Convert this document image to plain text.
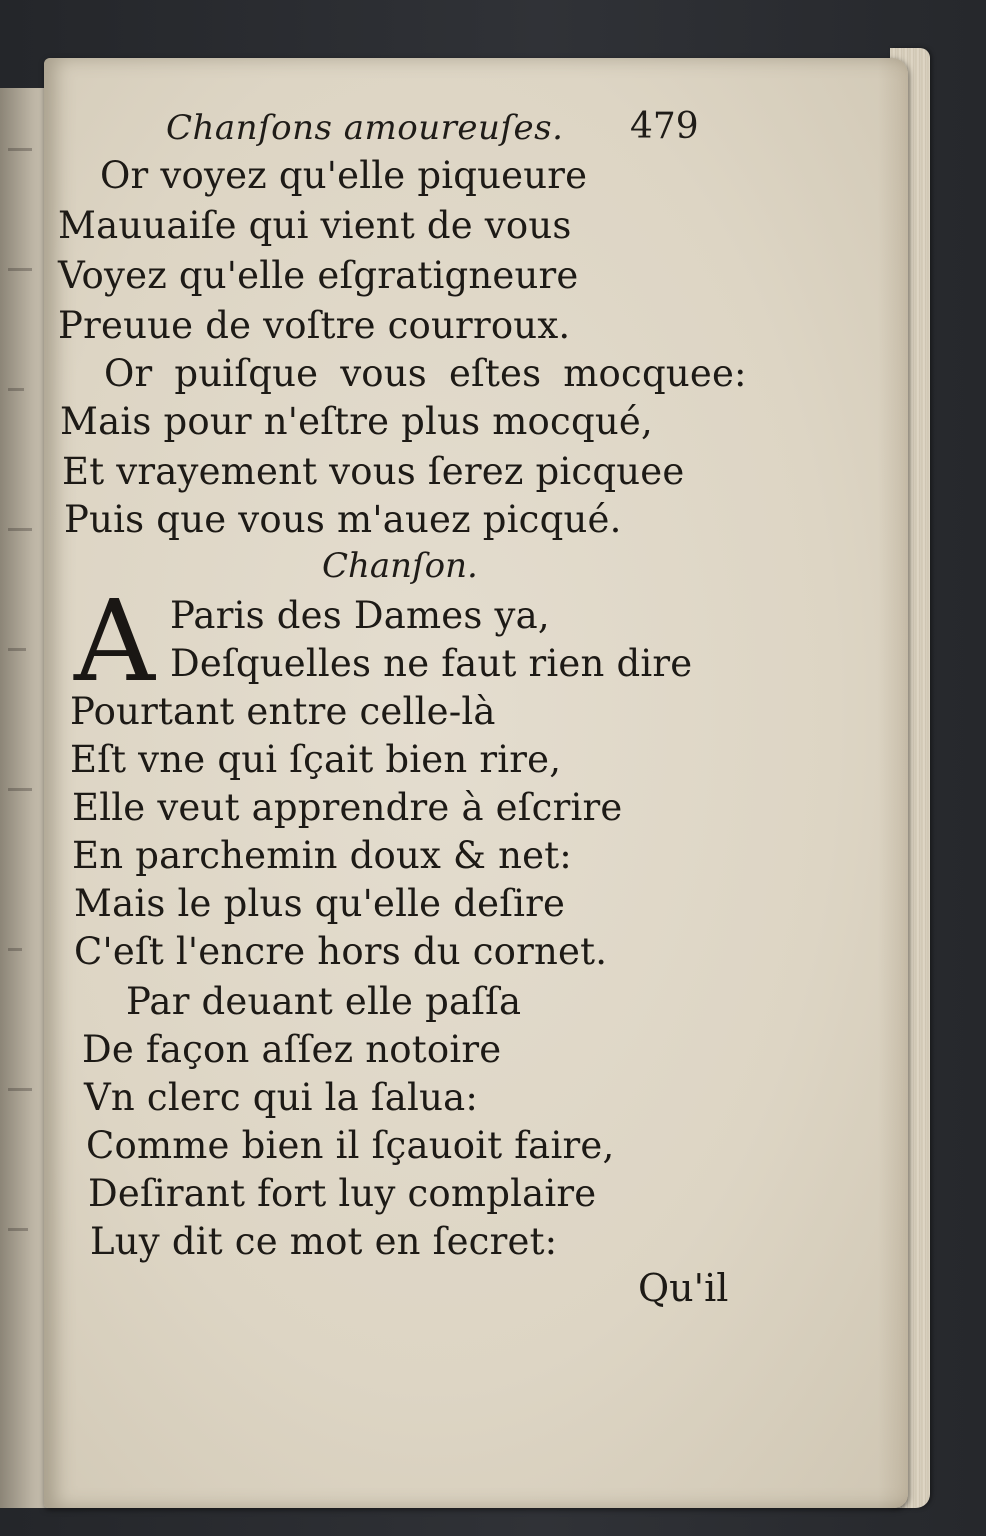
Chanſons amoureuſes. 479
Or voyez qu'elle piqueure
Mauuaiſe qui vient de vous
Voyez qu'elle eſgratigneure
Preuue de voſtre courroux.
Or puiſque vous eſtes mocquee:
Mais pour n'eſtre plus mocqué,
Et vrayement vous ſerez picquee
Puis que vous m'auez picqué.
Chanſon.
A Paris des Dames ya,
Deſquelles ne faut rien dire
Pourtant entre celle-là
Eſt vne qui ſçait bien rire,
Elle veut apprendre à eſcrire
En parchemin doux & net:
Mais le plus qu'elle deſire
C'eſt l'encre hors du cornet.
Par deuant elle paſſa
De façon aſſez notoire
Vn clerc qui la ſalua:
Comme bien il ſçauoit faire,
Deſirant fort luy complaire
Luy dit ce mot en ſecret:
Qu'il
